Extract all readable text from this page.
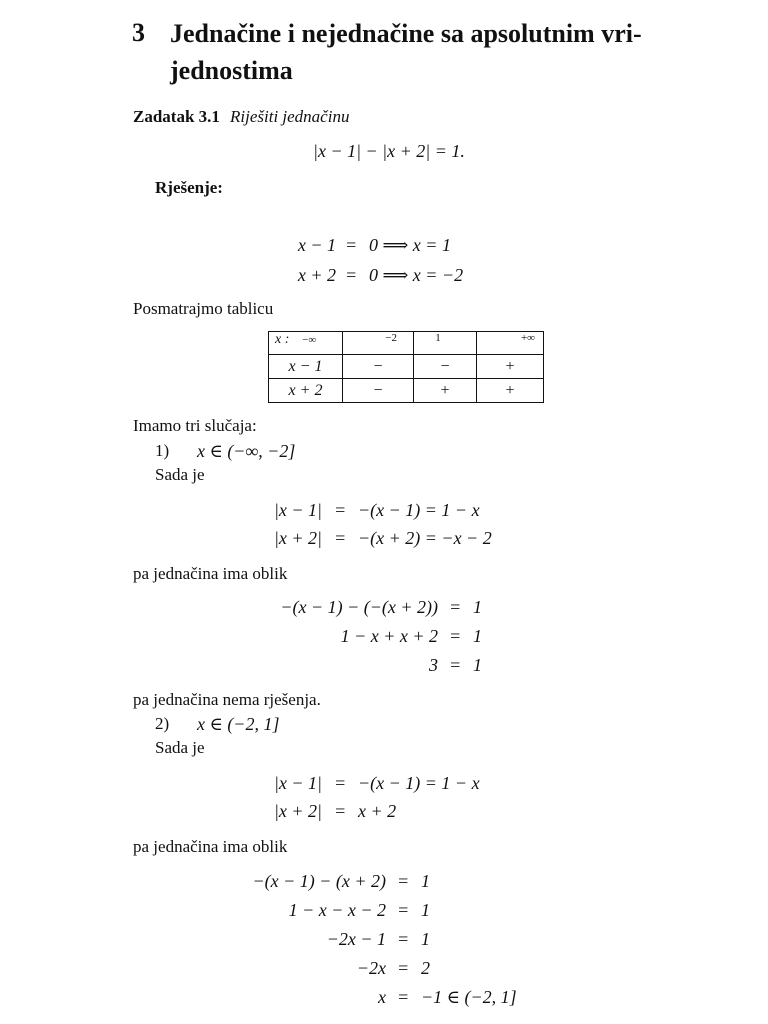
3 Jednačine i nejednačine sa apsolutnim vri-
jednostima
Zadatak 3.1 Riješiti jednačinu
|x − 1| − |x + 2| = 1.
Rješenje:
x − 1 = 0 ⟹ x = 1
x + 2 = 0 ⟹ x = −2
Posmatrajmo tablicu
x : −∞	−2	1	+∞
x − 1	−	−	+
x + 2	−	+	+
Imamo tri slučaja:
1) x ∈ (−∞, −2]
Sada je
|x − 1| = −(x − 1) = 1 − x
|x + 2| = −(x + 2) = −x − 2
pa jednačina ima oblik
−(x − 1) − (−(x + 2)) = 1
1 − x + x + 2 = 1
3 = 1
pa jednačina nema rješenja.
2) x ∈ (−2, 1]
Sada je
|x − 1| = −(x − 1) = 1 − x
|x + 2| = x + 2
pa jednačina ima oblik
−(x − 1) − (x + 2) = 1
1 − x − x − 2 = 1
−2x − 1 = 1
−2x = 2
x = −1 ∈ (−2, 1]
